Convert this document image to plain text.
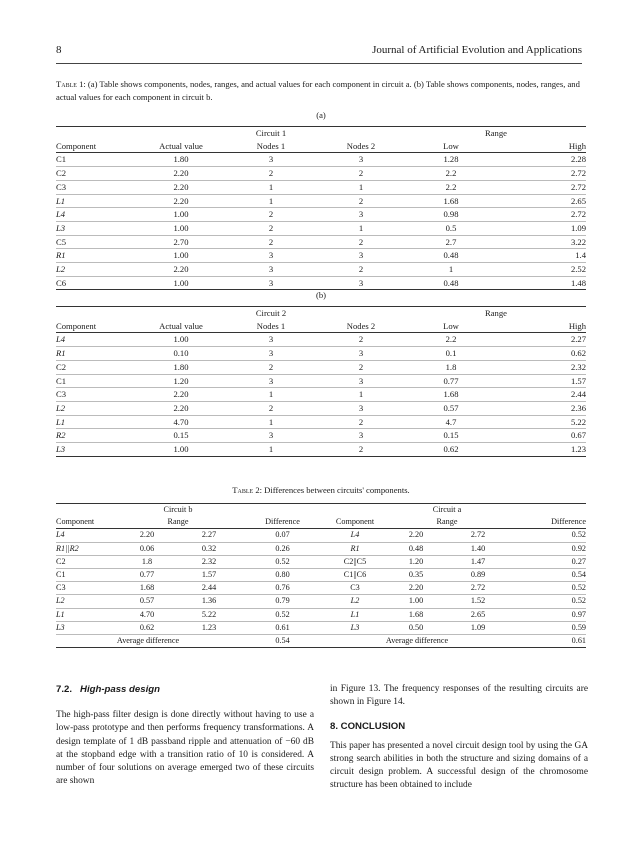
8	Journal of Artificial Evolution and Applications
Table 1: (a) Table shows components, nodes, ranges, and actual values for each component in circuit a. (b) Table shows components, nodes, ranges, and actual values for each component in circuit b.
(a)
	Circuit 1			Range	
Component	Actual value	Nodes 1	Nodes 2	Low	High
C1	1.80	3	3	1.28	2.28
C2	2.20	2	2	2.2	2.72
C3	2.20	1	1	2.2	2.72
L1	2.20	1	2	1.68	2.65
L4	1.00	2	3	0.98	2.72
L3	1.00	2	1	0.5	1.09
C5	2.70	2	2	2.7	3.22
R1	1.00	3	3	0.48	1.4
L2	2.20	3	2	1	2.52
C6	1.00	3	3	0.48	1.48
(b)
	Circuit 2			Range	
Component	Actual value	Nodes 1	Nodes 2	Low	High
L4	1.00	3	2	2.2	2.27
R1	0.10	3	3	0.1	0.62
C2	1.80	2	2	1.8	2.32
C1	1.20	3	3	0.77	1.57
C3	2.20	1	1	1.68	2.44
L2	2.20	2	3	0.57	2.36
L1	4.70	1	2	4.7	5.22
R2	0.15	3	3	0.15	0.67
L3	1.00	1	2	0.62	1.23
Table 2: Differences between circuits' components.
	Circuit b				Circuit a		
Component	Range		Difference	Component	Range		Difference
L4	2.20	2.27	0.07	L4	2.20	2.72	0.52
R1||R2	0.06	0.32	0.26	R1	0.48	1.40	0.92
C2	1.8	2.32	0.52	C2||C5	1.20	1.47	0.27
C1	0.77	1.57	0.80	C1||C6	0.35	0.89	0.54
C3	1.68	2.44	0.76	C3	2.20	2.72	0.52
L2	0.57	1.36	0.79	L2	1.00	1.52	0.52
L1	4.70	5.22	0.52	L1	1.68	2.65	0.97
L3	0.62	1.23	0.61	L3	0.50	1.09	0.59
Average difference			0.54	Average difference			0.61
7.2. High-pass design
The high-pass filter design is done directly without having to use a low-pass prototype and then performs frequency transformations. A design template of 1 dB passband ripple and attenuation of −60 dB at the stopband edge with a transition ratio of 10 is considered. A number of four solutions on average emerged two of these circuits are shown
in Figure 13. The frequency responses of the resulting circuits are shown in Figure 14.
8. CONCLUSION
This paper has presented a novel circuit design tool by using the GA strong search abilities in both the structure and sizing domains of a circuit design problem. A successful design of the chromosome structure has been obtained to include
